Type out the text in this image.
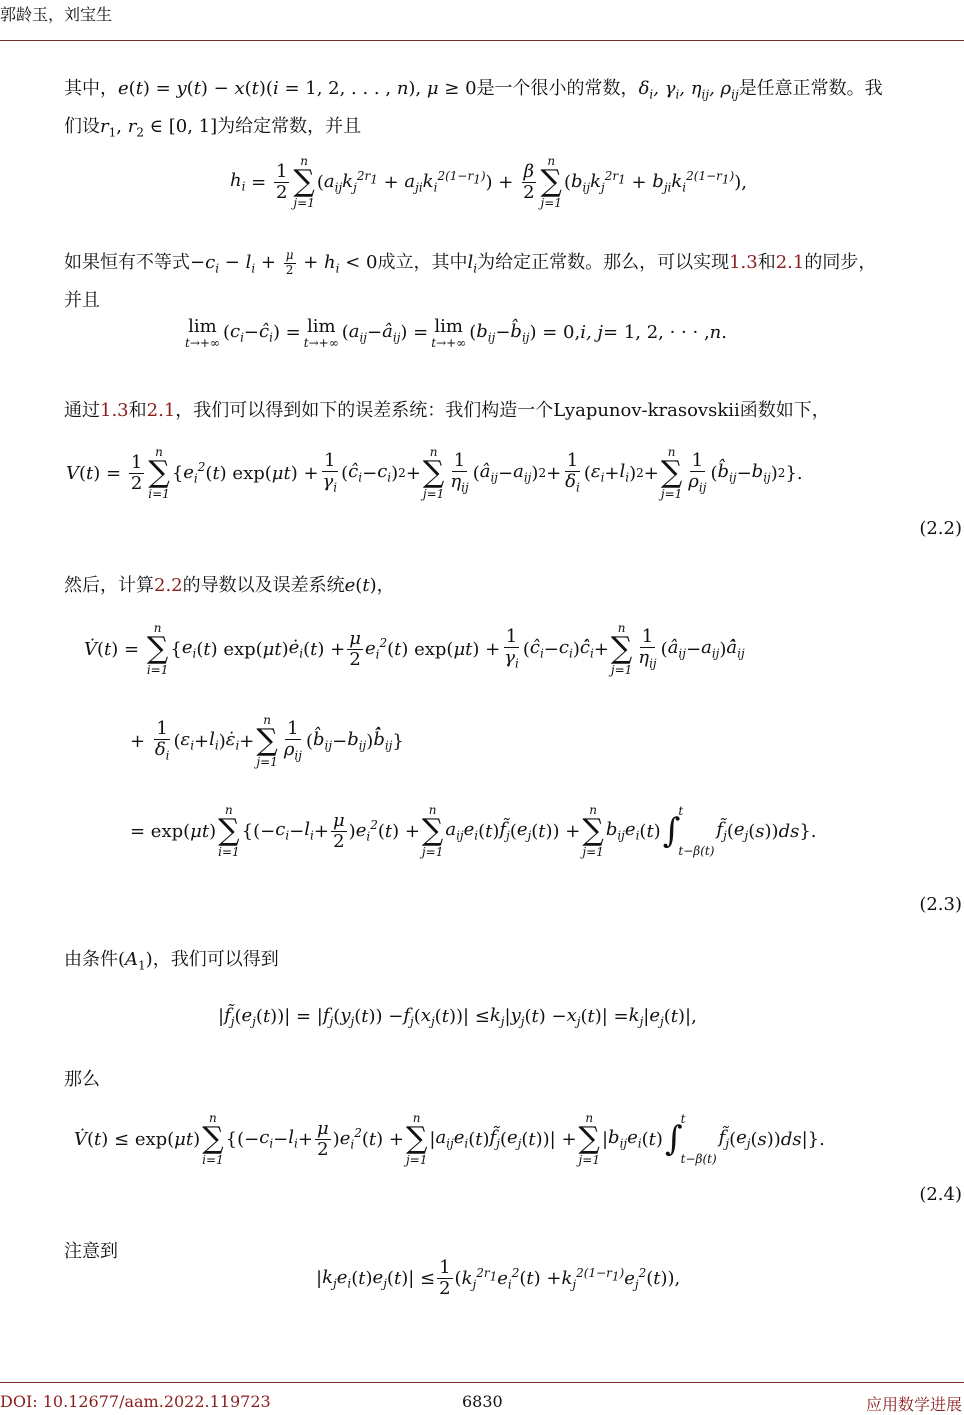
郭龄玉，刘宝生
其中，e(t) = y(t) − x(t)(i = 1, 2, . . . , n), μ ≥ 0是一个很小的常数，$\delta_i$, $\gamma_i$, $\eta_{ij}$, $\rho_{ij}$是任意正常数。我
们设$r_1$, $r_2$ ∈ [0, 1]为给定常数，并且
$h_i = \frac{1}{2}$
n
∑
j=1
( $a_{ij}k_j^{2r_1} + a_{ji}k_i^{2(1-r_1)}$ ) + $\frac{\beta}{2}$
n
∑
j=1
( $b_{ij}k_j^{2r_1} + b_{ji}k_i^{2(1-r_1)}$ ),
如果恒有不等式$-c_i - l_i + \frac{\mu}{2} + h_i < 0$成立，其中$l_i$为给定正常数。那么，可以实现1.3和2.1的同步，
并且
lim
t→+∞ ( $c_i$ − $ĉ_i$ ) = lim
t→+∞ ( $a_{ij}$ − $â_{ij}$ ) = lim
t→+∞ ( $b_{ij}$ − $b̂_{ij}$ ) = 0, i, j = 1, 2, · · · , n .
通过1.3和2.1，我们可以得到如下的误差系统：我们构造一个Lyapunov-krasovskii函数如下，
V ( t ) = $\frac{1}{2}$
n
∑
i=1
{ $e_i^2$ ( t ) exp( μt ) + $\frac{1}{\gamma_i}$ ( $ĉ_i - c_i$ ) 2 +
n
∑
$j=1 \frac{1}{\eta_{ij}}$ ( $â_{ij} - a_{ij}$ ) $2 + \frac{1}{\delta_i}$ ( $\varepsilon_i + l_i$ ) 2 +
n
∑
$j=1 \frac{1}{\rho_{ij}}$ ( $b̂_{ij} - b_{ij}$ ) 2 }.
(2.2)
然后，计算2.2的导数以及误差系统e(t)，
V̇ ( t ) =
n
∑
i=1
{ $e_i$ ( t ) exp( μt ) $ė_i$ ( t ) + $\frac{\mu}{2} e_i^2$ ( t ) exp( μt ) + $\frac{1}{\gamma_i}$ ( $ĉ_i - c_i$ ) $ĉ̇_i$ +
n
∑
$j=1 \frac{1}{\eta_{ij}}$ ( $â_{ij} - a_{ij}$ ) $â̇_{ij}$
+ $\frac{1}{\delta_i}$ ( $\varepsilon_i + l_i$ ) $\varepsiloṅ_i$ +
n
∑
$j=1 \frac{1}{\rho_{ij}}$ ( $b̂_{ij} - b_{ij}$ ) $b̂̇_{ij}$ }
= exp( μt )
n
∑
i=1
{(− $c_i - l_i + \frac{\mu}{2}$ ) $e_i^2$ ( t ) +
n
∑
j=1
$a_{ij}e_i$ ( t ) $f̃_j$ ( $e_j$ ( t )) +
n
∑
j=1
$b_{ij}e_i$ ( t ) ∫
t
t−β(t)
$f̃_j$ ( $e_j$ ( s )) ds }.
(2.3)
由条件$(A_1)$，我们可以得到
| $f̃_j$ ( $e_j$ ( t ))| = | $f_j$ ( $y_j$ ( t )) − $f_j$ ( $x_j$ ( t ))| ≤ $k_j$ | $y_j$ ( t ) − $x_j$ ( t )| = $k_j$ | $e_j$ ( t )|,
那么
V̇ ( t ) ≤ exp( μt )
n
∑
i=1
{(− $c_i - l_i + \frac{\mu}{2}$ ) $e_i^2$ ( t ) +
n
∑
j=1
| $a_{ij}e_i$ ( t ) $f̃_j$ ( $e_j$ ( t ))| +
n
∑
j=1
| $b_{ij}e_i$ ( t ) ∫
t
t−β(t)
$f̃_j$ ( $e_j$ ( s )) ds |}.
(2.4)
注意到
| $k_je_i$ ( t ) $e_j$ ( t )| ≤ $\frac{1}{2}$ ( $k_j^{2r_1}e_i^2$ ( t ) + $k_j^{2(1-r_1)}e_j^2$ ( t )),
DOI: 10.12677/aam.2022.119723	6830	应用数学进展
